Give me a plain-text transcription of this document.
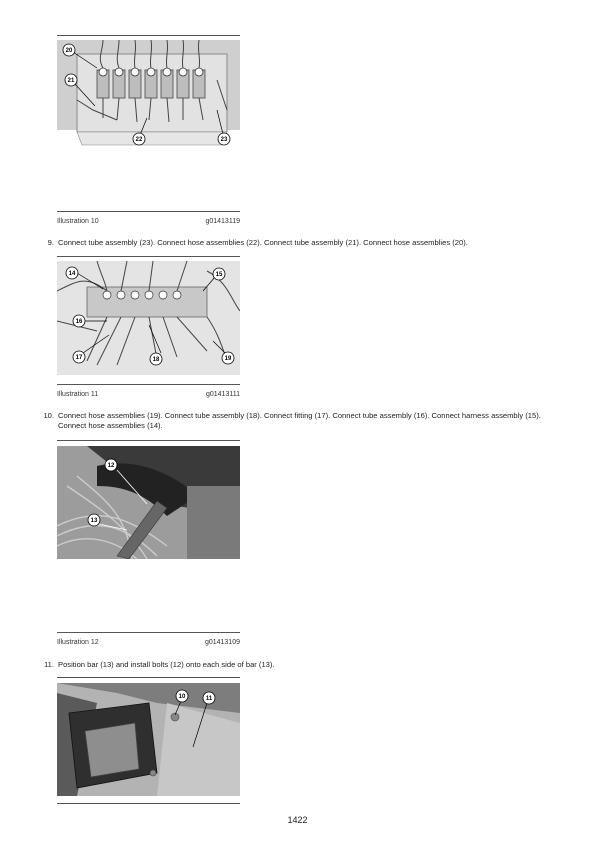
20
21
22	23
Illustration 10	g01413119
9. Connect tube assembly (23). Connect hose assemblies (22). Connect tube assembly (21). Connect hose assemblies (20).
14	15
16
17	18	19
Illustration 11	g01413111
10. Connect hose assemblies (19). Connect tube assembly (18). Connect fitting (17). Connect tube assembly (16). Connect harness assembly (15). Connect hose assemblies (14).
12
13
Illustration 12	g01413109
11. Position bar (13) and install bolts (12) onto each side of bar (13).
10	11
1422
